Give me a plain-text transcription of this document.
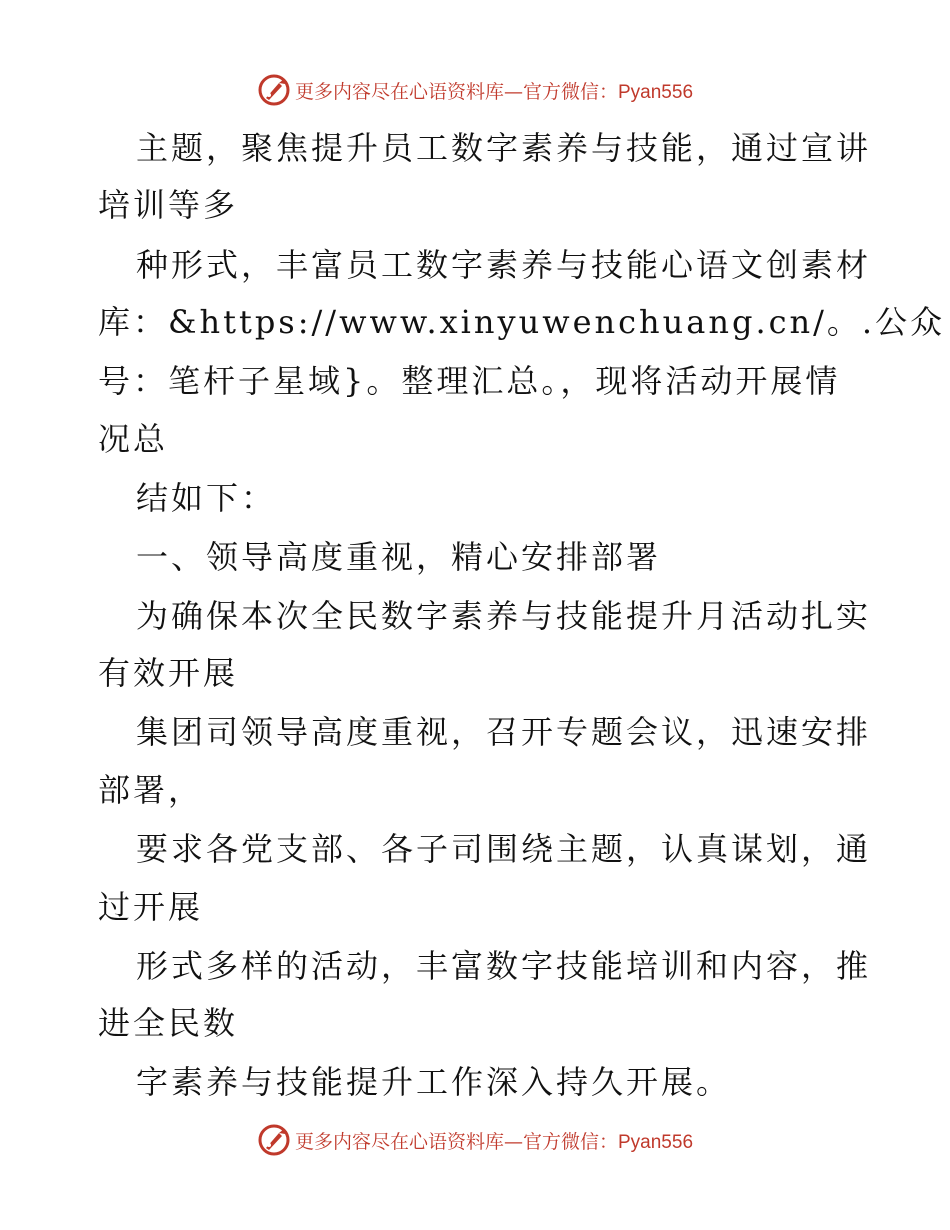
更多内容尽在心语资料库—官方微信：Pyan556
主题，聚焦提升员工数字素养与技能，通过宣讲
培训等多
种形式，丰富员工数字素养与技能心语文创素材
库：&https://www.xinyuwenchuang.cn/。.公众
号：笔杆子星域}。整理汇总。，现将活动开展情
况总
结如下：
一、领导高度重视，精心安排部署
为确保本次全民数字素养与技能提升月活动扎实
有效开展
集团司领导高度重视，召开专题会议，迅速安排
部署，
要求各党支部、各子司围绕主题，认真谋划，通
过开展
形式多样的活动，丰富数字技能培训和内容，推
进全民数
字素养与技能提升工作深入持久开展。
更多内容尽在心语资料库—官方微信：Pyan556
